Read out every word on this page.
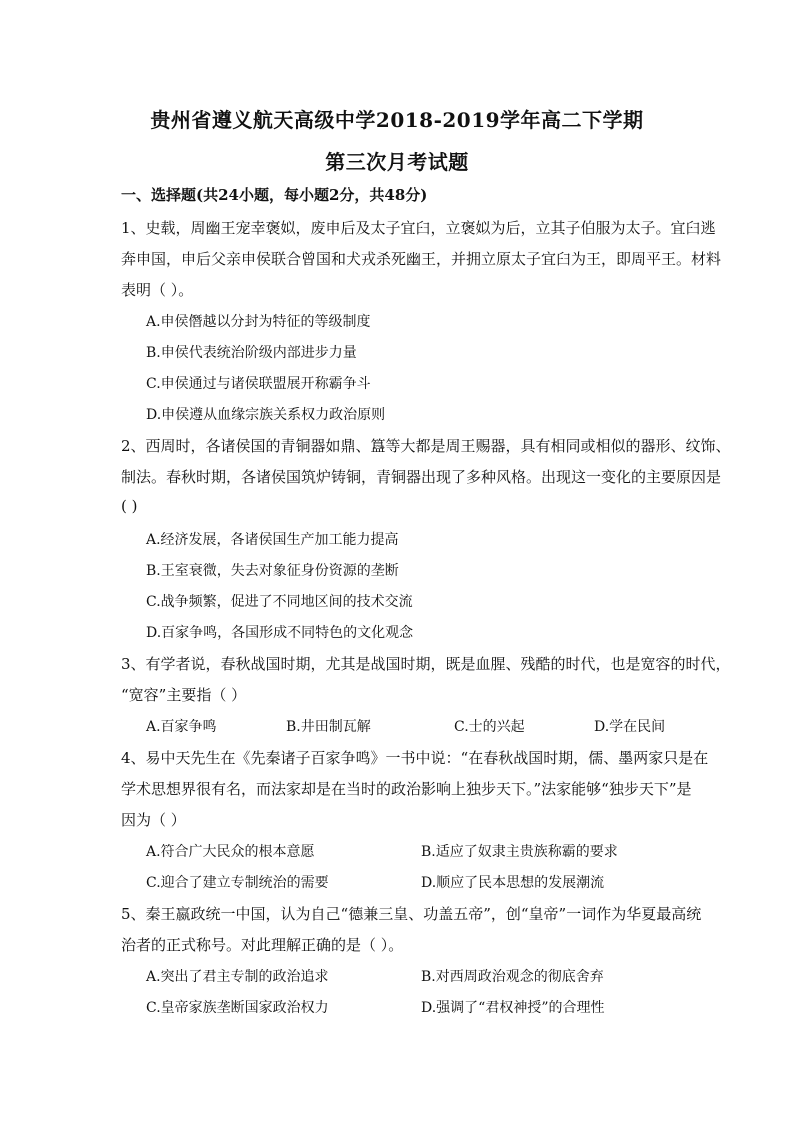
贵州省遵义航天高级中学2018-2019学年高二下学期
第三次月考试题
一、选择题(共24小题，每小题2分，共48分)
1、史载，周幽王宠幸褒姒，废申后及太子宜臼，立褒姒为后，立其子伯服为太子。宜臼逃
奔申国，申后父亲申侯联合曾国和犬戎杀死幽王，并拥立原太子宜臼为王，即周平王。材料
表明（ ）。
A.申侯僭越以分封为特征的等级制度
B.申侯代表统治阶级内部进步力量
C.申侯通过与诸侯联盟展开称霸争斗
D.申侯遵从血缘宗族关系权力政治原则
2、西周时，各诸侯国的青铜器如鼎、簋等大都是周王赐器，具有相同或相似的器形、纹饰、
制法。春秋时期，各诸侯国筑炉铸铜，青铜器出现了多种风格。出现这一变化的主要原因是
( )
A.经济发展，各诸侯国生产加工能力提高
B.王室衰微，失去对象征身份资源的垄断
C.战争频繁，促进了不同地区间的技术交流
D.百家争鸣，各国形成不同特色的文化观念
3、有学者说，春秋战国时期，尤其是战国时期，既是血腥、残酷的时代，也是宽容的时代，
“宽容”主要指（ ）
A.百家争鸣	B.井田制瓦解	C.士的兴起	D.学在民间
4、易中天先生在《先秦诸子百家争鸣》一书中说：“在春秋战国时期，儒、墨两家只是在
学术思想界很有名，而法家却是在当时的政治影响上独步天下。”法家能够“独步天下”是
因为（ ）
A.符合广大民众的根本意愿	B.适应了奴隶主贵族称霸的要求
C.迎合了建立专制统治的需要	D.顺应了民本思想的发展潮流
5、秦王嬴政统一中国，认为自己“德兼三皇、功盖五帝”，创“皇帝”一词作为华夏最高统
治者的正式称号。对此理解正确的是（ ）。
A.突出了君主专制的政治追求	B.对西周政治观念的彻底舍弃
C.皇帝家族垄断国家政治权力	D.强调了“君权神授”的合理性
